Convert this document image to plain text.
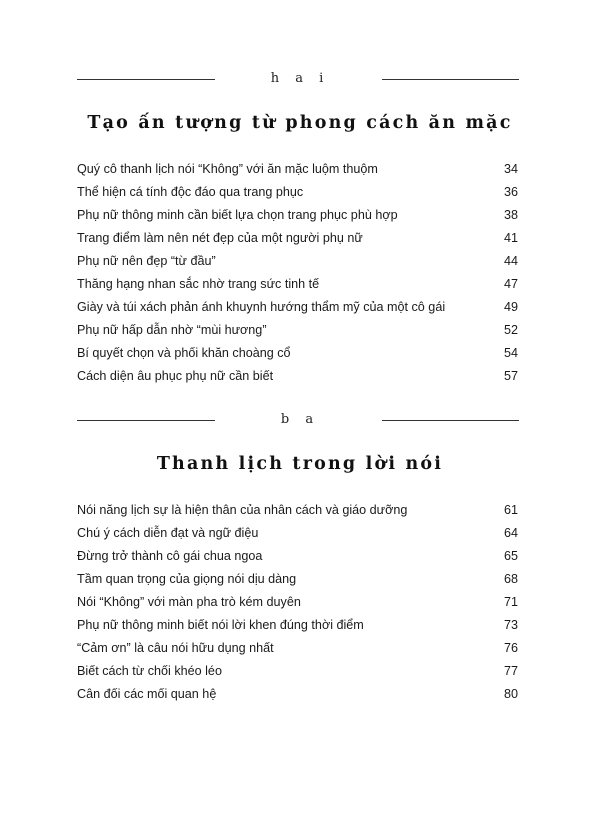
h a i
Tạo ấn tượng từ phong cách ăn mặc
Quý cô thanh lịch nói “Không” với ăn mặc luộm thuộm	34
Thể hiện cá tính độc đáo qua trang phục	36
Phụ nữ thông minh cần biết lựa chọn trang phục phù hợp	38
Trang điểm làm nên nét đẹp của một người phụ nữ	41
Phụ nữ nên đẹp “từ đầu”	44
Thăng hạng nhan sắc nhờ trang sức tinh tế	47
Giày và túi xách phản ánh khuynh hướng thẩm mỹ của một cô gái	49
Phụ nữ hấp dẫn nhờ “mùi hương”	52
Bí quyết chọn và phối khăn choàng cổ	54
Cách diện âu phục phụ nữ cần biết	57
b a
Thanh lịch trong lời nói
Nói năng lịch sự là hiện thân của nhân cách và giáo dưỡng	61
Chú ý cách diễn đạt và ngữ điệu	64
Đừng trở thành cô gái chua ngoa	65
Tầm quan trọng của giọng nói dịu dàng	68
Nói “Không” với màn pha trò kém duyên	71
Phụ nữ thông minh biết nói lời khen đúng thời điểm	73
“Cảm ơn” là câu nói hữu dụng nhất	76
Biết cách từ chối khéo léo	77
Cân đối các mối quan hệ	80
